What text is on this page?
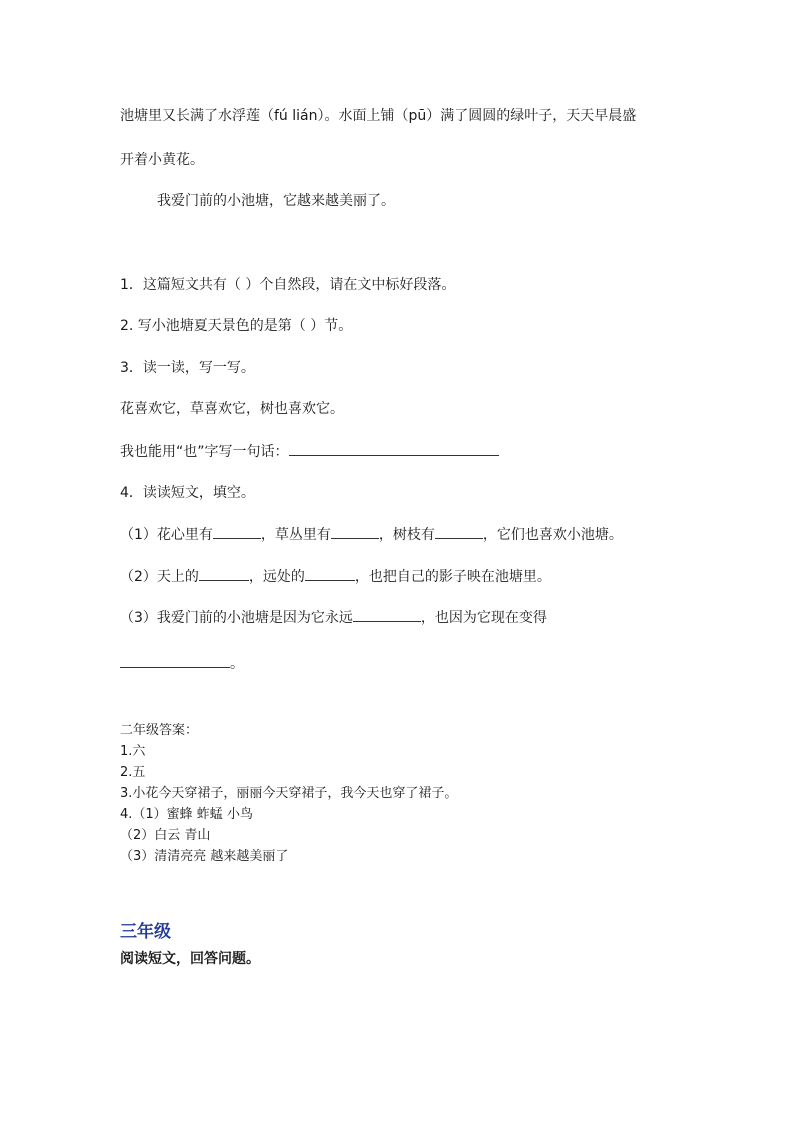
池塘里又长满了水浮莲（fú lián）。水面上铺（pū）满了圆圆的绿叶子，天天早晨盛
开着小黄花。
我爱门前的小池塘，它越来越美丽了。
1．这篇短文共有（ ）个自然段，请在文中标好段落。
2. 写小池塘夏天景色的是第（ ）节。
3．读一读，写一写。
花喜欢它，草喜欢它，树也喜欢它。
我也能用“也”字写一句话：
4．读读短文，填空。
（1）花心里有	，草丛里有	，树枝有	，它们也喜欢小池塘。
（2）天上的	，远处的	，也把自己的影子映在池塘里。
（3）我爱门前的小池塘是因为它永远	，也因为它现在变得
。
二年级答案：
1.六
2.五
3.小花今天穿裙子，丽丽今天穿裙子，我今天也穿了裙子。
4.（1）蜜蜂 蚱蜢 小鸟
（2）白云 青山
（3）清清亮亮 越来越美丽了
三年级
阅读短文，回答问题。
